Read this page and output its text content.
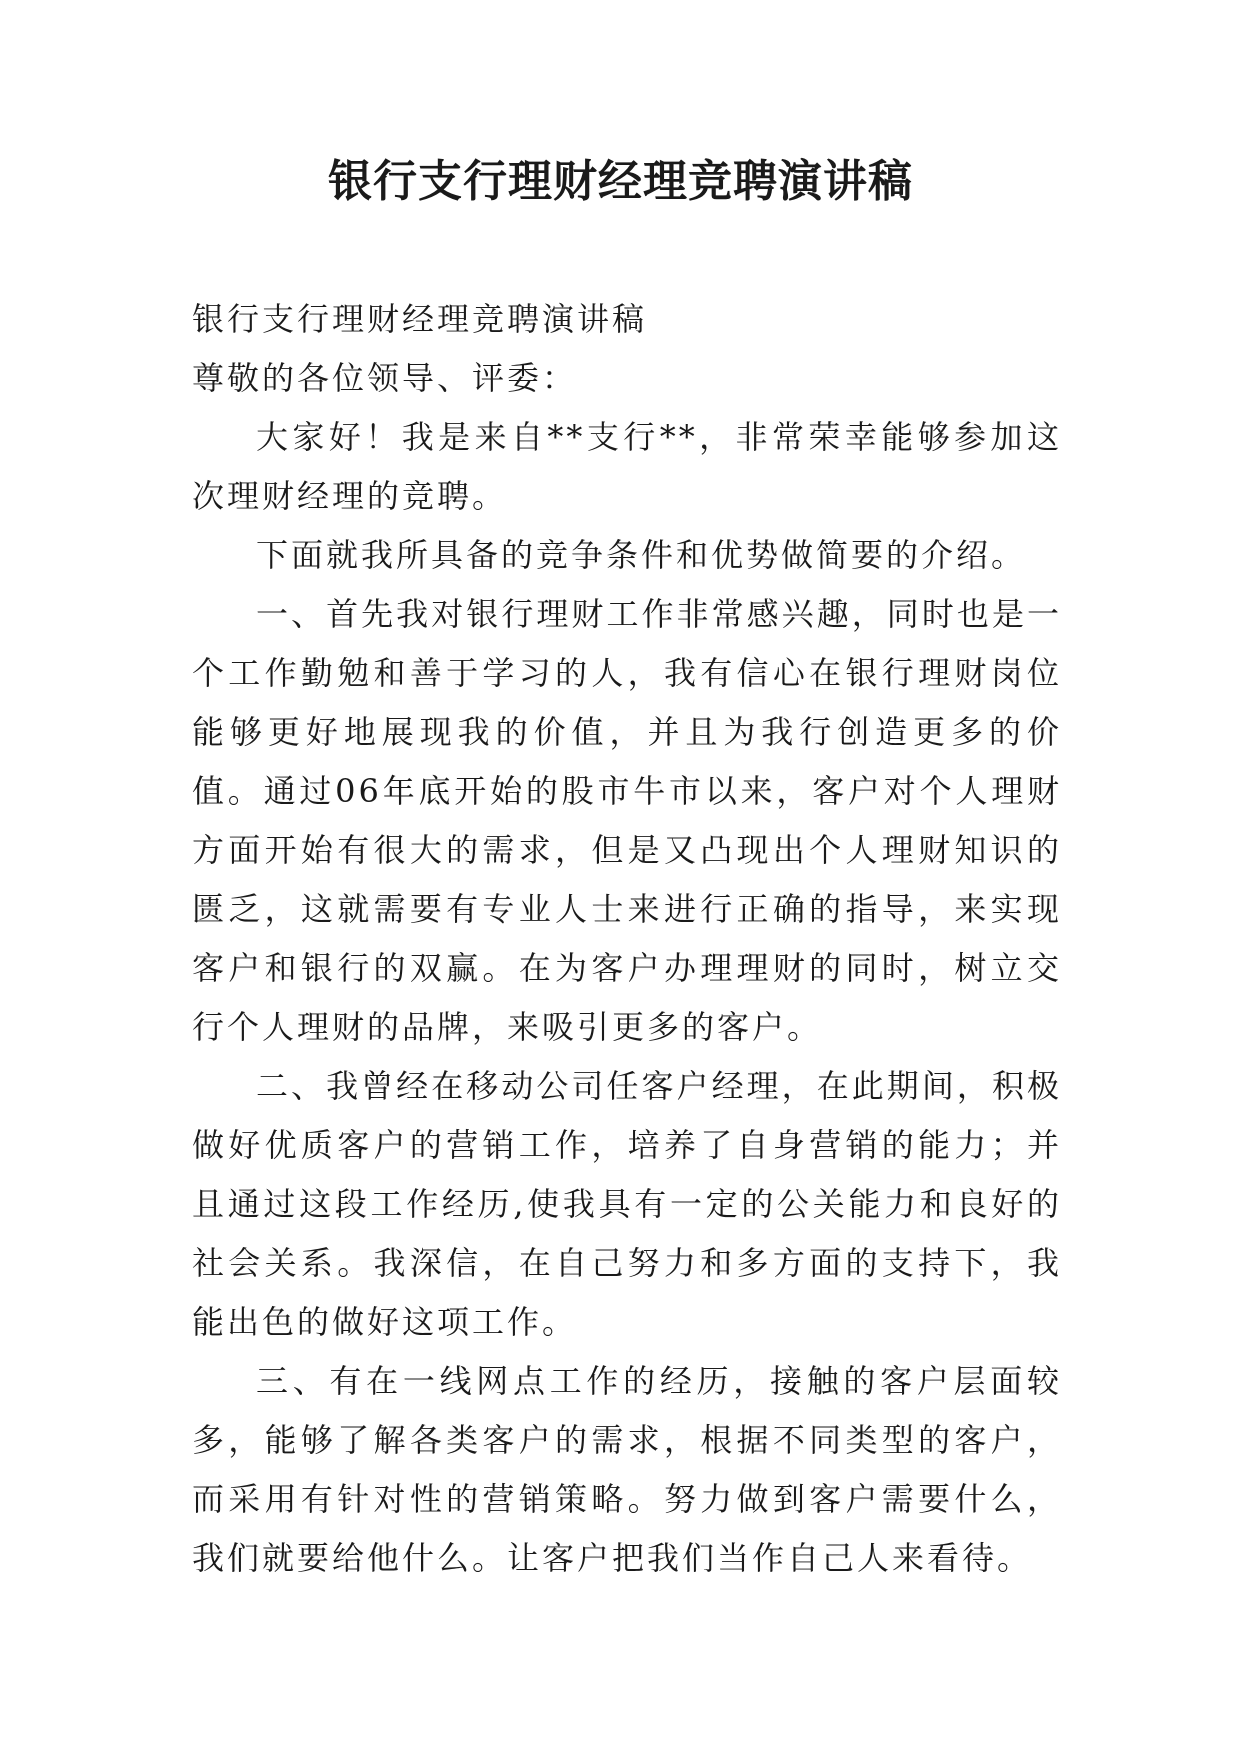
银行支行理财经理竞聘演讲稿

银行支行理财经理竞聘演讲稿

尊敬的各位领导、评委：

大家好！我是来自**支行**，非常荣幸能够参加这次理财经理的竞聘。

下面就我所具备的竞争条件和优势做简要的介绍。

一、首先我对银行理财工作非常感兴趣，同时也是一个工作勤勉和善于学习的人，我有信心在银行理财岗位能够更好地展现我的价值，并且为我行创造更多的价值。通过06年底开始的股市牛市以来，客户对个人理财方面开始有很大的需求，但是又凸现出个人理财知识的匮乏，这就需要有专业人士来进行正确的指导，来实现客户和银行的双赢。在为客户办理理财的同时，树立交行个人理财的品牌，来吸引更多的客户。

二、我曾经在移动公司任客户经理，在此期间，积极做好优质客户的营销工作，培养了自身营销的能力；并且通过这段工作经历,使我具有一定的公关能力和良好的社会关系。我深信，在自己努力和多方面的支持下，我能出色的做好这项工作。

三、有在一线网点工作的经历，接触的客户层面较多，能够了解各类客户的需求，根据不同类型的客户，而采用有针对性的营销策略。努力做到客户需要什么，我们就要给他什么。让客户把我们当作自己人来看待。
